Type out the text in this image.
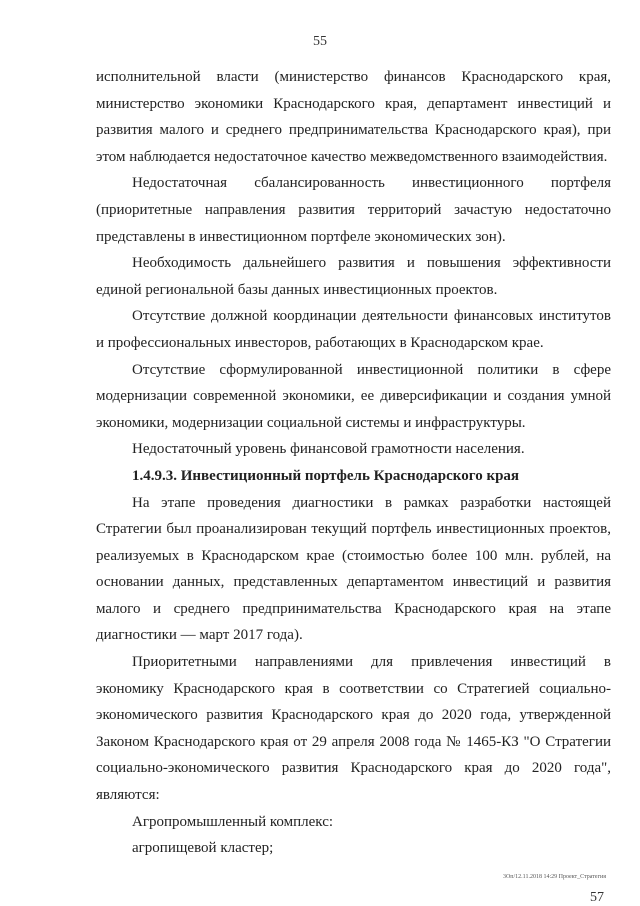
55

исполнительной власти (министерство финансов Краснодарского края, министерство экономики Краснодарского края, департамент инвестиций и развития малого и среднего предпринимательства Краснодарского края), при этом наблюдается недостаточное качество межведомственного взаимодействия.

Недостаточная сбалансированность инвестиционного портфеля (приоритетные направления развития территорий зачастую недостаточно представлены в инвестиционном портфеле экономических зон).

Необходимость дальнейшего развития и повышения эффективности единой региональной базы данных инвестиционных проектов.

Отсутствие должной координации деятельности финансовых институтов и профессиональных инвесторов, работающих в Краснодарском крае.

Отсутствие сформулированной инвестиционной политики в сфере модернизации современной экономики, ее диверсификации и создания умной экономики, модернизации социальной системы и инфраструктуры.

Недостаточный уровень финансовой грамотности населения.

1.4.9.3. Инвестиционный портфель Краснодарского края

На этапе проведения диагностики в рамках разработки настоящей Стратегии был проанализирован текущий портфель инвестиционных проектов, реализуемых в Краснодарском крае (стоимостью более 100 млн. рублей, на основании данных, представленных департаментом инвестиций и развития малого и среднего предпринимательства Краснодарского края на этапе диагностики — март 2017 года).

Приоритетными направлениями для привлечения инвестиций в экономику Краснодарского края в соответствии со Стратегией социально-экономического развития Краснодарского края до 2020 года, утвержденной Законом Краснодарского края от 29 апреля 2008 года № 1465-КЗ "О Стратегии социально-экономического развития Краснодарского края до 2020 года", являются:

Агропромышленный комплекс:

агропищевой кластер;

3Оп/12.11.2018 14:29 Проект_Стратегия
57
